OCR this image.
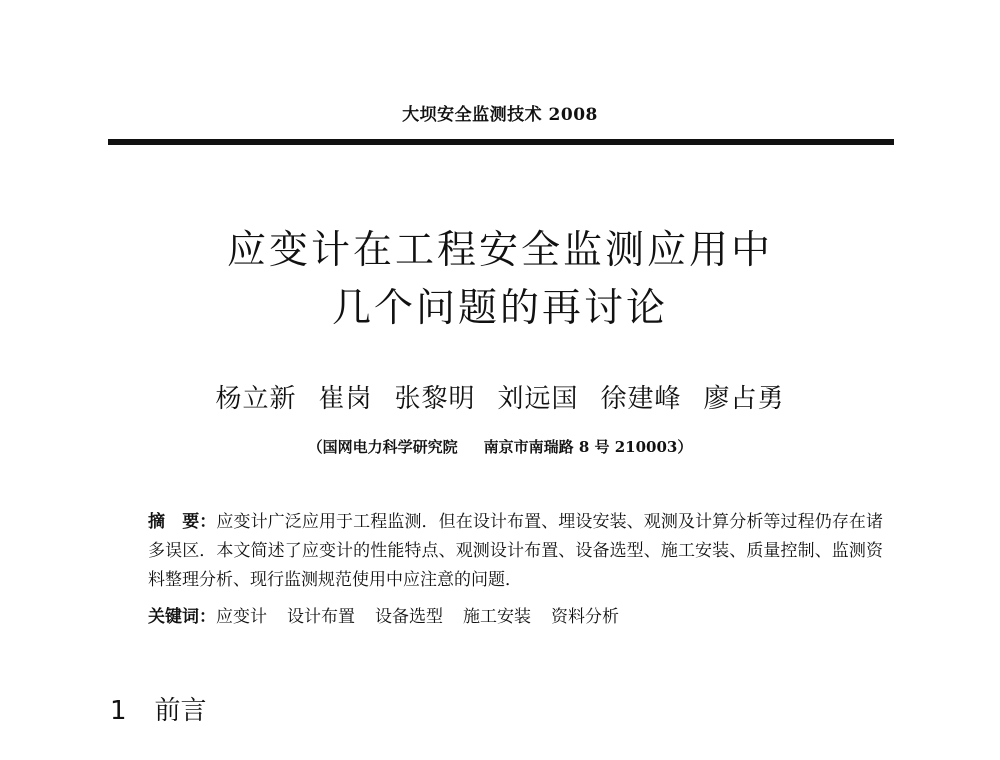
大坝安全监测技术 2008
应变计在工程安全监测应用中
几个问题的再讨论
杨立新 崔岗 张黎明 刘远国 徐建峰 廖占勇
（国网电力科学研究院 南京市南瑞路 8 号 210003）
摘　要：应变计广泛应用于工程监测．但在设计布置、埋设安装、观测及计算分析等过程仍存在诸多误区．本文简述了应变计的性能特点、观测设计布置、设备选型、施工安装、质量控制、监测资料整理分析、现行监测规范使用中应注意的问题．
关键词：应变计 设计布置 设备选型 施工安装 资料分析
1 前言
